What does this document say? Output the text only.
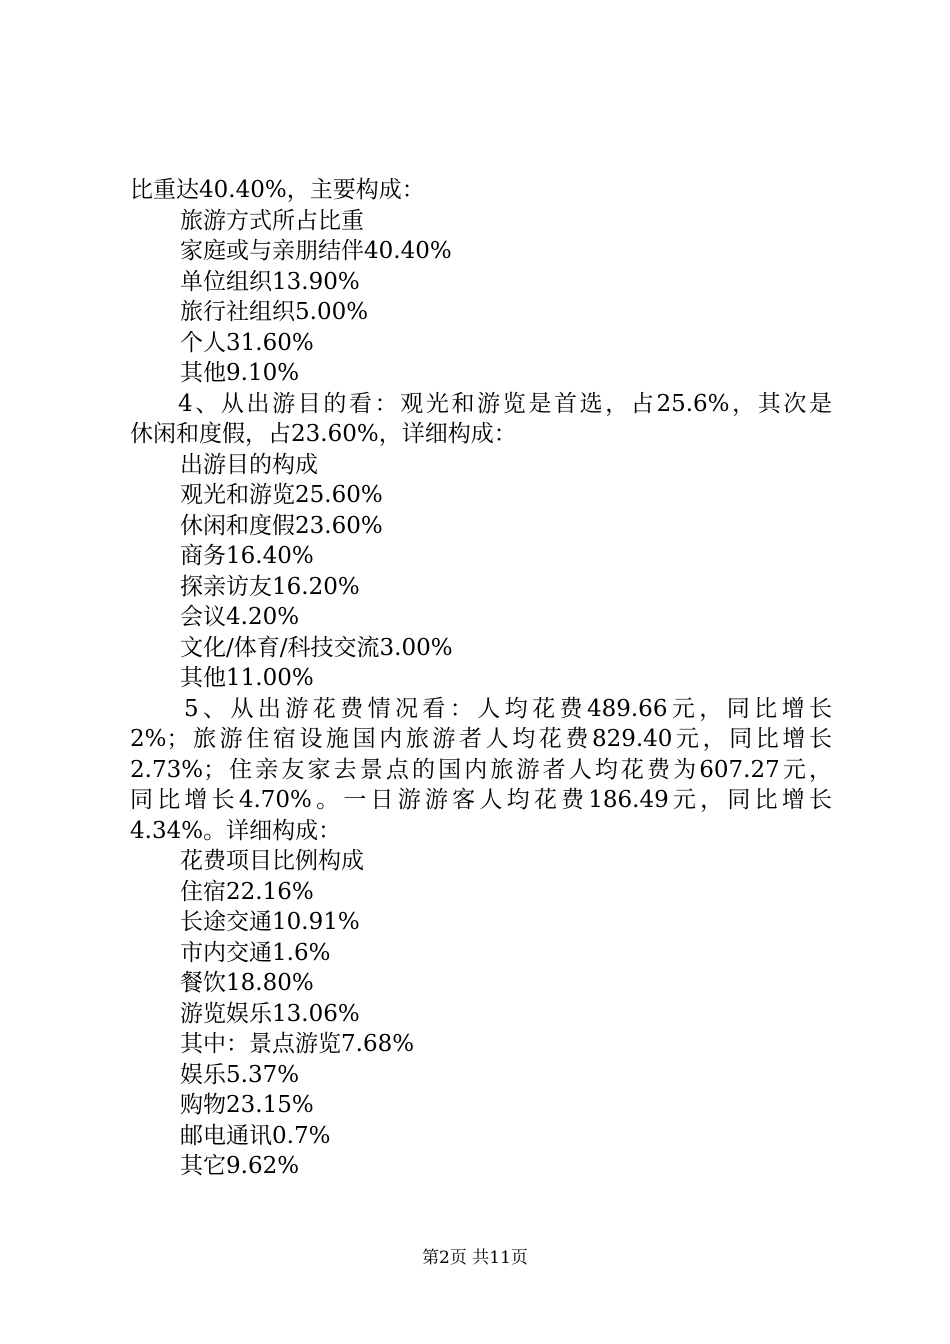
比重达40.40%，主要构成：
旅游方式所占比重
家庭或与亲朋结伴40.40%
单位组织13.90%
旅行社组织5.00%
个人31.60%
其他9.10%
4、从出游目的看：观光和游览是首选，占25.6%，其次是
休闲和度假，占23.60%，详细构成：
出游目的构成
观光和游览25.60%
休闲和度假23.60%
商务16.40%
探亲访友16.20%
会议4.20%
文化/体育/科技交流3.00%
其他11.00%
5、从出游花费情况看：人均花费489.66元，同比增长
2%；旅游住宿设施国内旅游者人均花费829.40元，同比增长
2.73%；住亲友家去景点的国内旅游者人均花费为607.27元，
同比增长4.70%。一日游游客人均花费186.49元，同比增长
4.34%。详细构成：
花费项目比例构成
住宿22.16%
长途交通10.91%
市内交通1.6%
餐饮18.80%
游览娱乐13.06%
其中：景点游览7.68%
娱乐5.37%
购物23.15%
邮电通讯0.7%
其它9.62%
第2页 共11页
